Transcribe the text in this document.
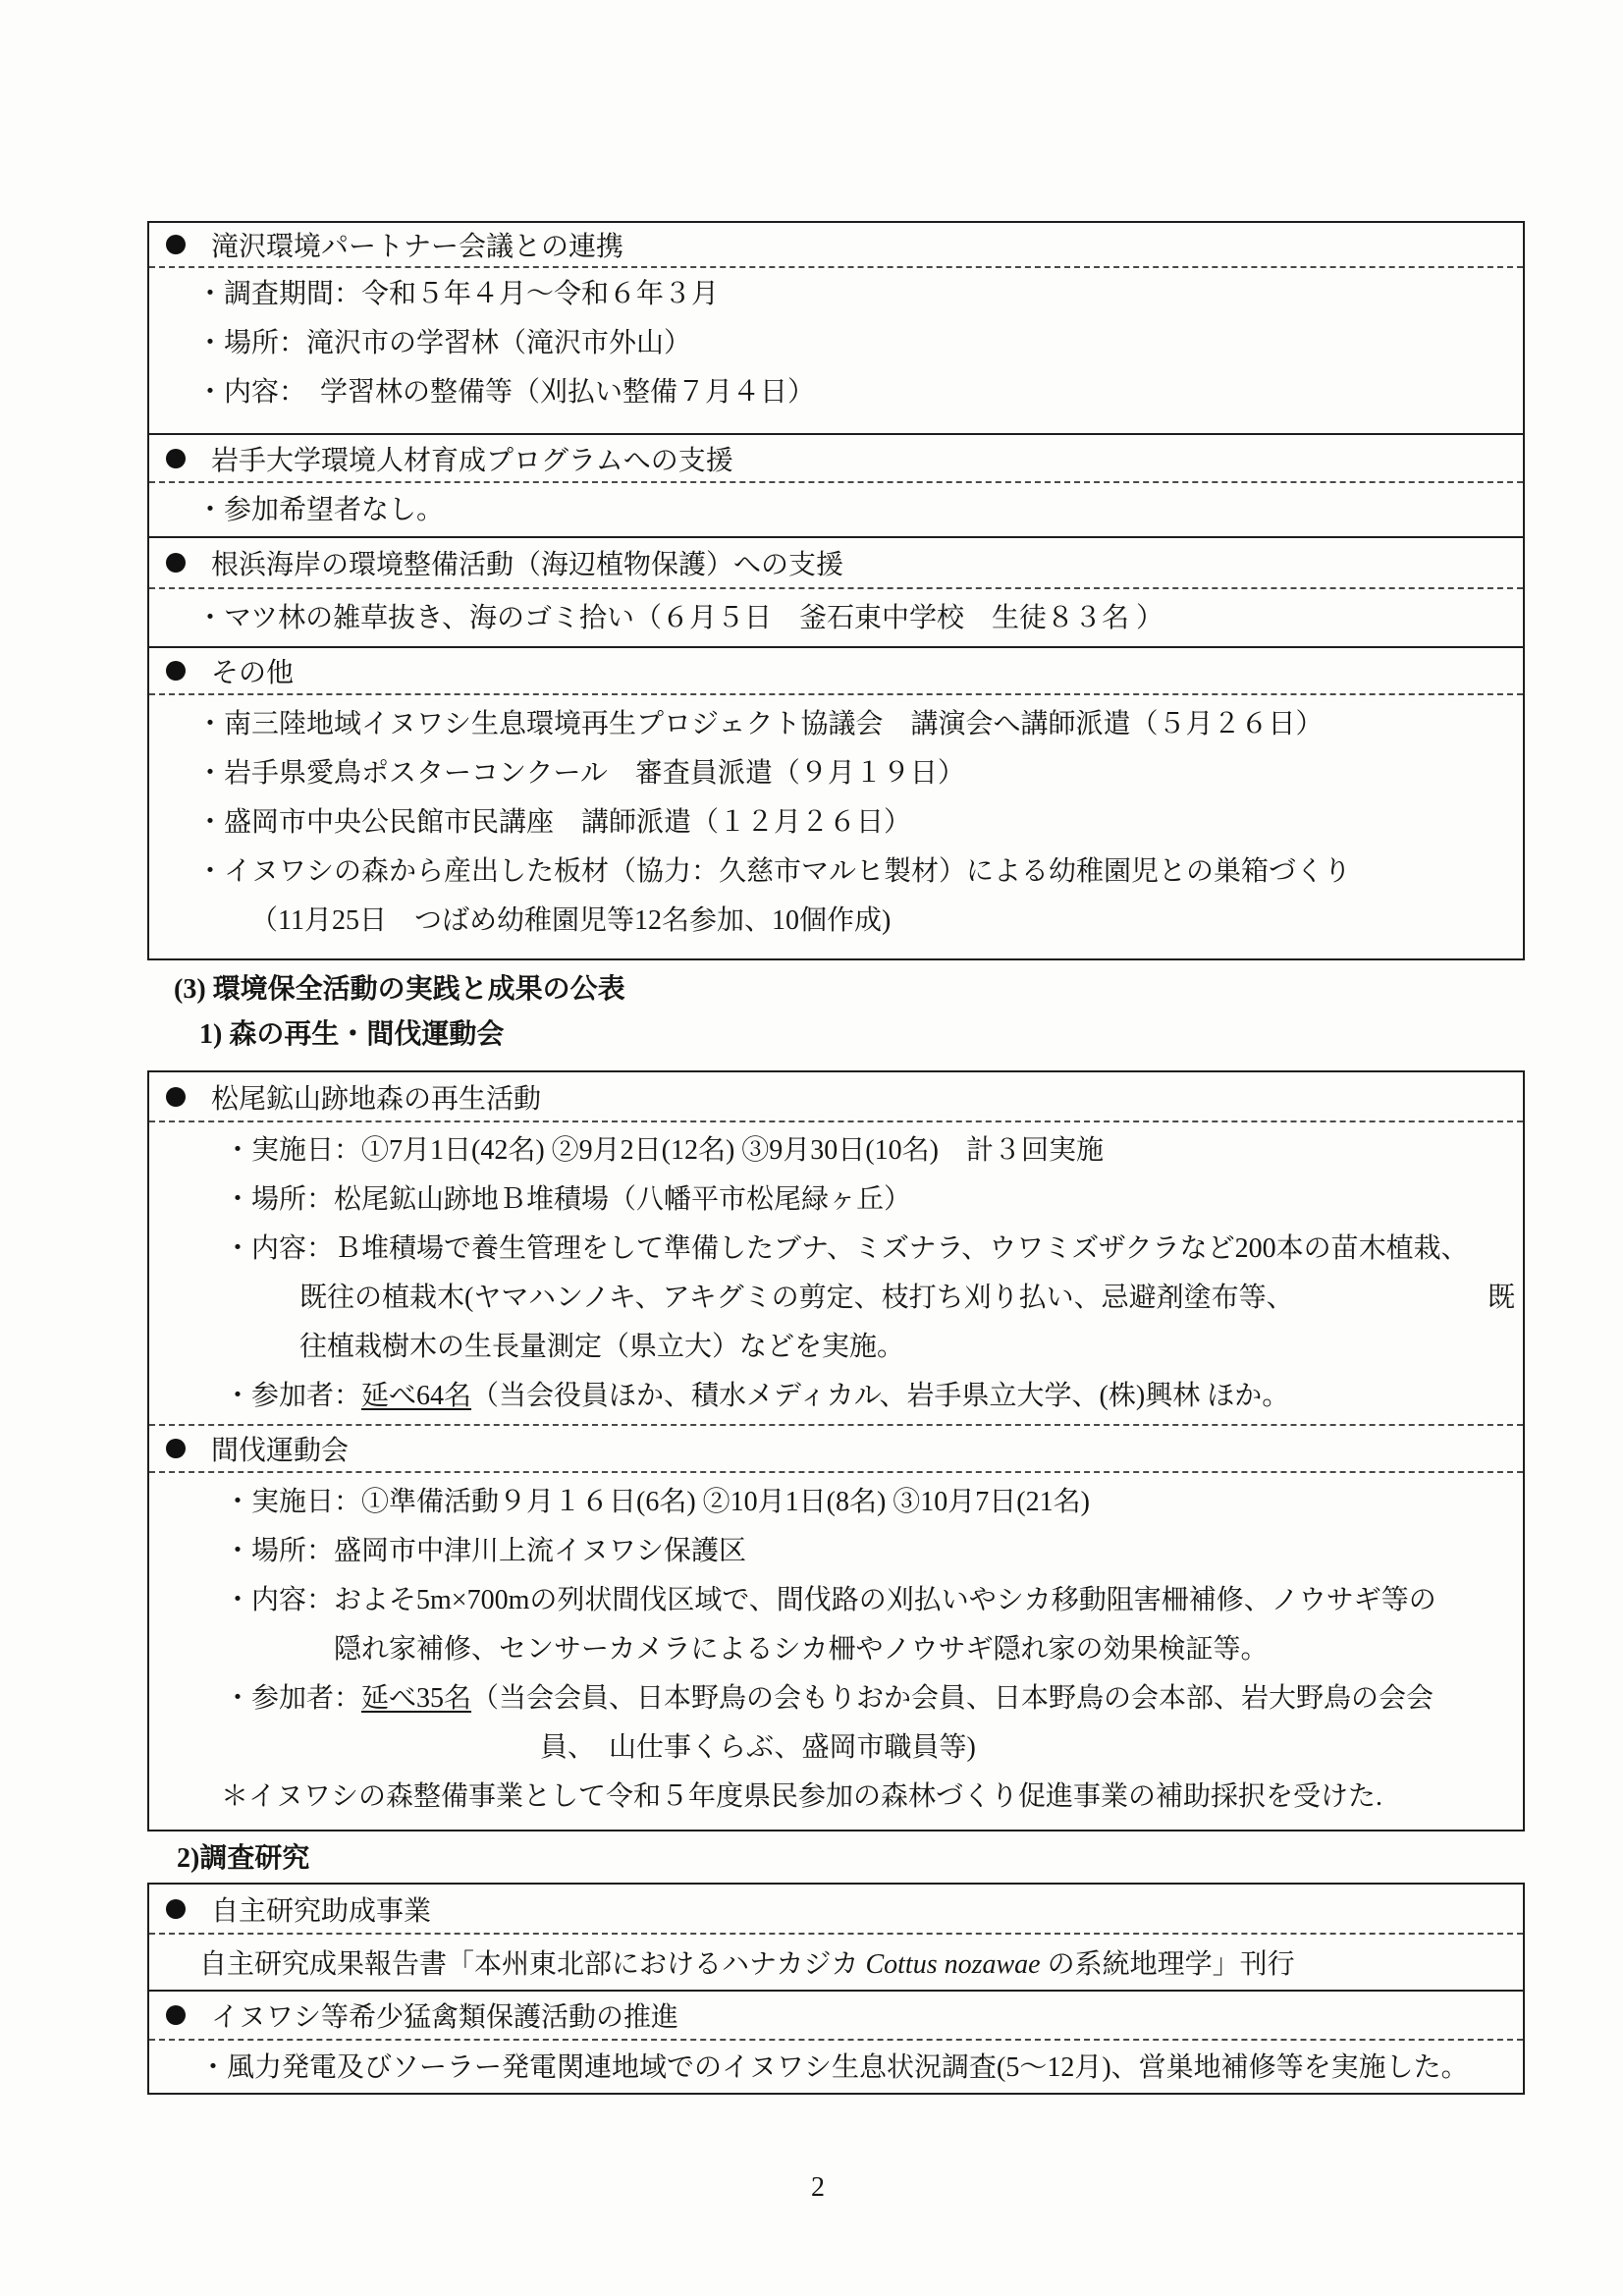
滝沢環境パートナー会議との連携
・調査期間：令和５年４月～令和６年３月
・場所：滝沢市の学習林（滝沢市外山）
・内容：　学習林の整備等（刈払い整備７月４日）
岩手大学環境人材育成プログラムへの支援
・参加希望者なし。
根浜海岸の環境整備活動（海辺植物保護）への支援
・マツ林の雑草抜き、海のゴミ拾い（６月５日　釜石東中学校　生徒８３名 ）
その他
・南三陸地域イヌワシ生息環境再生プロジェクト協議会　講演会へ講師派遣（５月２６日）
・岩手県愛鳥ポスターコンクール　審査員派遣（９月１９日）
・盛岡市中央公民館市民講座　講師派遣（１２月２６日）
・イヌワシの森から産出した板材（協力：久慈市マルヒ製材）による幼稚園児との巣箱づくり
（11月25日　つばめ幼稚園児等12名参加、10個作成)
(3) 環境保全活動の実践と成果の公表
1) 森の再生・間伐運動会
松尾鉱山跡地森の再生活動
・実施日：①7月1日(42名) ②9月2日(12名) ③9月30日(10名)　計３回実施
・場所：松尾鉱山跡地Ｂ堆積場（八幡平市松尾緑ヶ丘）
・内容：Ｂ堆積場で養生管理をして準備したブナ、ミズナラ、ウワミズザクラなど200本の苗木植栽、
既往の植栽木(ヤマハンノキ、アキグミの剪定、枝打ち刈り払い、忌避剤塗布等、	既
往植栽樹木の生長量測定（県立大）などを実施。
・参加者：延べ64名（当会役員ほか、積水メディカル、岩手県立大学、(株)興林 ほか。
間伐運動会
・実施日：①準備活動９月１６日(6名) ②10月1日(8名) ③10月7日(21名)
・場所：盛岡市中津川上流イヌワシ保護区
・内容：およそ5m×700mの列状間伐区域で、間伐路の刈払いやシカ移動阻害柵補修、ノウサギ等の
隠れ家補修、センサーカメラによるシカ柵やノウサギ隠れ家の効果検証等。
・参加者：延べ35名（当会会員、日本野鳥の会もりおか会員、日本野鳥の会本部、岩大野鳥の会会
員、　山仕事くらぶ、盛岡市職員等)
＊イヌワシの森整備事業として令和５年度県民参加の森林づくり促進事業の補助採択を受けた.
2)調査研究
自主研究助成事業
自主研究成果報告書「本州東北部におけるハナカジカ Cottus nozawae の系統地理学」刊行
イヌワシ等希少猛禽類保護活動の推進
・風力発電及びソーラー発電関連地域でのイヌワシ生息状況調査(5～12月)、営巣地補修等を実施した。
2
